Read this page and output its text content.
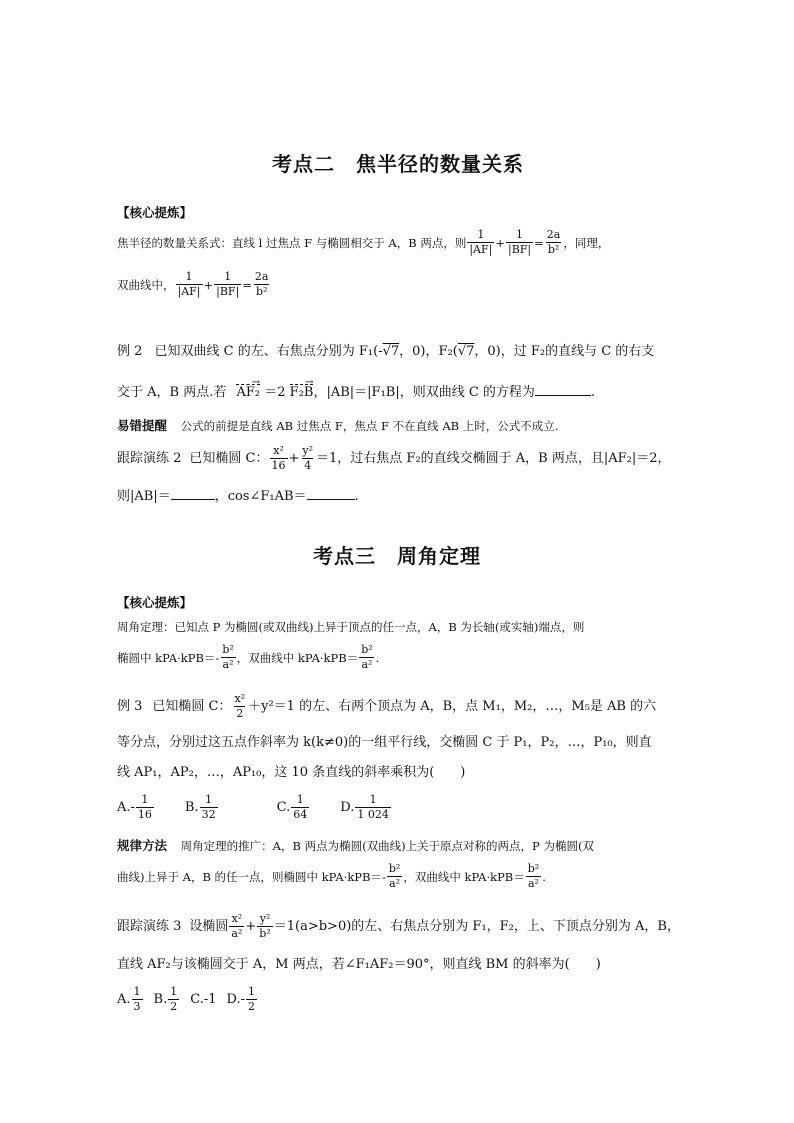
考点二　焦半径的数量关系
【核心提炼】
焦半径的数量关系式：直线 l 过焦点 F 与椭圆相交于 A，B 两点，则 $\frac{1}{|AF|} + \frac{1}{|BF|} = \frac{2a}{\text{b²}}$ ，同理，
双曲线中， $\frac{1}{|AF|} + \frac{1}{|BF|} = \frac{2a}{\text{b²}}$
例 2 已知双曲线 C 的左、右焦点分别为 F₁(-√7，0)，F₂(√7，0)，过 F₂的直线与 C 的右支
交于 A，B 两点.若
→
AF₂ ＝2
→
F₂B，|AB|＝|F₁B|，则双曲线 C 的方程为	.
易错提醒 公式的前提是直线 AB 过焦点 F，焦点 F 不在直线 AB 上时，公式不成立.
跟踪演练 2 已知椭圆 C： $\frac{\text{x²}}{16} + \frac{\text{y²}}{4} =1$，过右焦点 F₂的直线交椭圆于 A，B 两点，且|AF₂|＝2，
则|AB|＝	，cos∠F₁AB＝	.
考点三　周角定理
【核心提炼】
周角定理：已知点 P 为椭圆(或双曲线)上异于顶点的任一点，A，B 为长轴(或实轴)端点，则
椭圆中 $kPA\cdot kPB=- \frac{\text{b²}}{\text{a²}}$ ，双曲线中 $kPA\cdot kPB= \frac{\text{b²}}{\text{a²}}$ .
例 3 已知椭圆 C： $\frac{\text{x²}}{2} +y^2=1$ 的左、右两个顶点为 A，B，点 M₁，M₂，…，M₅是 AB 的六
等分点，分别过这五点作斜率为 k(k≠0)的一组平行线，交椭圆 C 于 P₁，P₂，…，P₁₀，则直
线 AP₁，AP₂，…，AP₁₀，这 10 条直线的斜率乘积为(　　)
$A.- \frac{1}{16} B$. $\frac{1}{32}$	C. $\frac{1}{64} D$. $\frac{1}{1 024}$
规律方法 周角定理的推广：A，B 两点为椭圆(双曲线)上关于原点对称的两点，P 为椭圆(双
曲线)上异于 A，B 的任一点，则椭圆中 $kPA\cdot kPB=- \frac{\text{b²}}{\text{a²}}$ ，双曲线中 $kPA\cdot kPB= \frac{\text{b²}}{\text{a²}}$ .
跟踪演练 3 设椭圆 $\frac{\text{x²}}{\text{a²}} + \frac{\text{y²}}{\text{b²}} =1(a>b>0)$的左、右焦点分别为 F₁，F₂，上、下顶点分别为 A，B，
直线 AF₂与该椭圆交于 A，M 两点，若∠F₁AF₂＝90°，则直线 BM 的斜率为(　　)
A. $\frac{1}{3} B$. $\frac{1}{2} C.-1$ $D.- \frac{1}{2}$
